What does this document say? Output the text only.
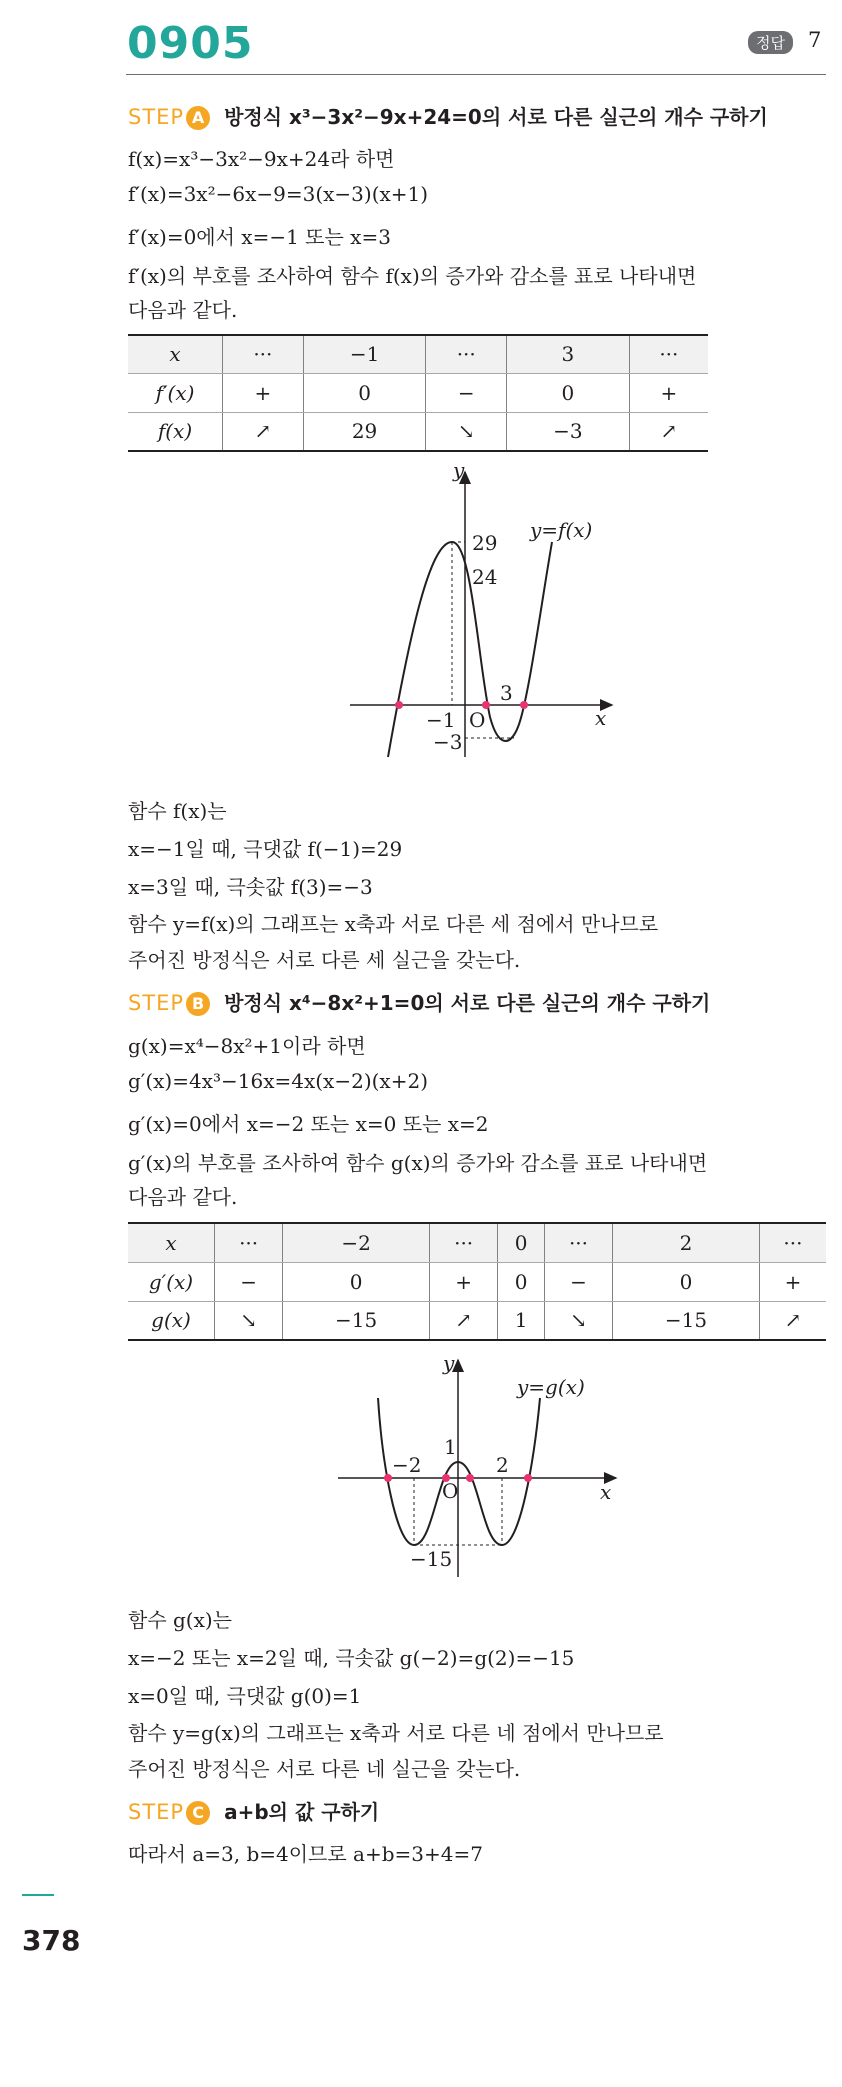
0905	정답	7
STEP A 방정식 x³−3x²−9x+24=0의 서로 다른 실근의 개수 구하기
f(x)=x³−3x²−9x+24라 하면
f′(x)=3x²−6x−9=3(x−3)(x+1)
f′(x)=0에서 x=−1 또는 x=3
f′(x)의 부호를 조사하여 함수 f(x)의 증가와 감소를 표로 나타내면
다음과 같다.
x	···	−1	···	3	···
f′(x)	+	0	−	0	+
f(x)	↗	29	↘	−3	↗
y
x
y=f(x)
29
24
3
−1 O
−3
함수 f(x)는
x=−1일 때, 극댓값 f(−1)=29
x=3일 때, 극솟값 f(3)=−3
함수 y=f(x)의 그래프는 x축과 서로 다른 세 점에서 만나므로
주어진 방정식은 서로 다른 세 실근을 갖는다.
STEP B 방정식 x⁴−8x²+1=0의 서로 다른 실근의 개수 구하기
g(x)=x⁴−8x²+1이라 하면
g′(x)=4x³−16x=4x(x−2)(x+2)
g′(x)=0에서 x=−2 또는 x=0 또는 x=2
g′(x)의 부호를 조사하여 함수 g(x)의 증가와 감소를 표로 나타내면
다음과 같다.
x	···	−2	···	0	···	2	···
g′(x)	−	0	+	0	−	0	+
g(x)	↘	−15	↗	1	↘	−15	↗
y
x
y=g(x)
1
−2	2
O
−15
함수 g(x)는
x=−2 또는 x=2일 때, 극솟값 g(−2)=g(2)=−15
x=0일 때, 극댓값 g(0)=1
함수 y=g(x)의 그래프는 x축과 서로 다른 네 점에서 만나므로
주어진 방정식은 서로 다른 네 실근을 갖는다.
STEP C a+b의 값 구하기
따라서 a=3, b=4이므로 a+b=3+4=7
378
